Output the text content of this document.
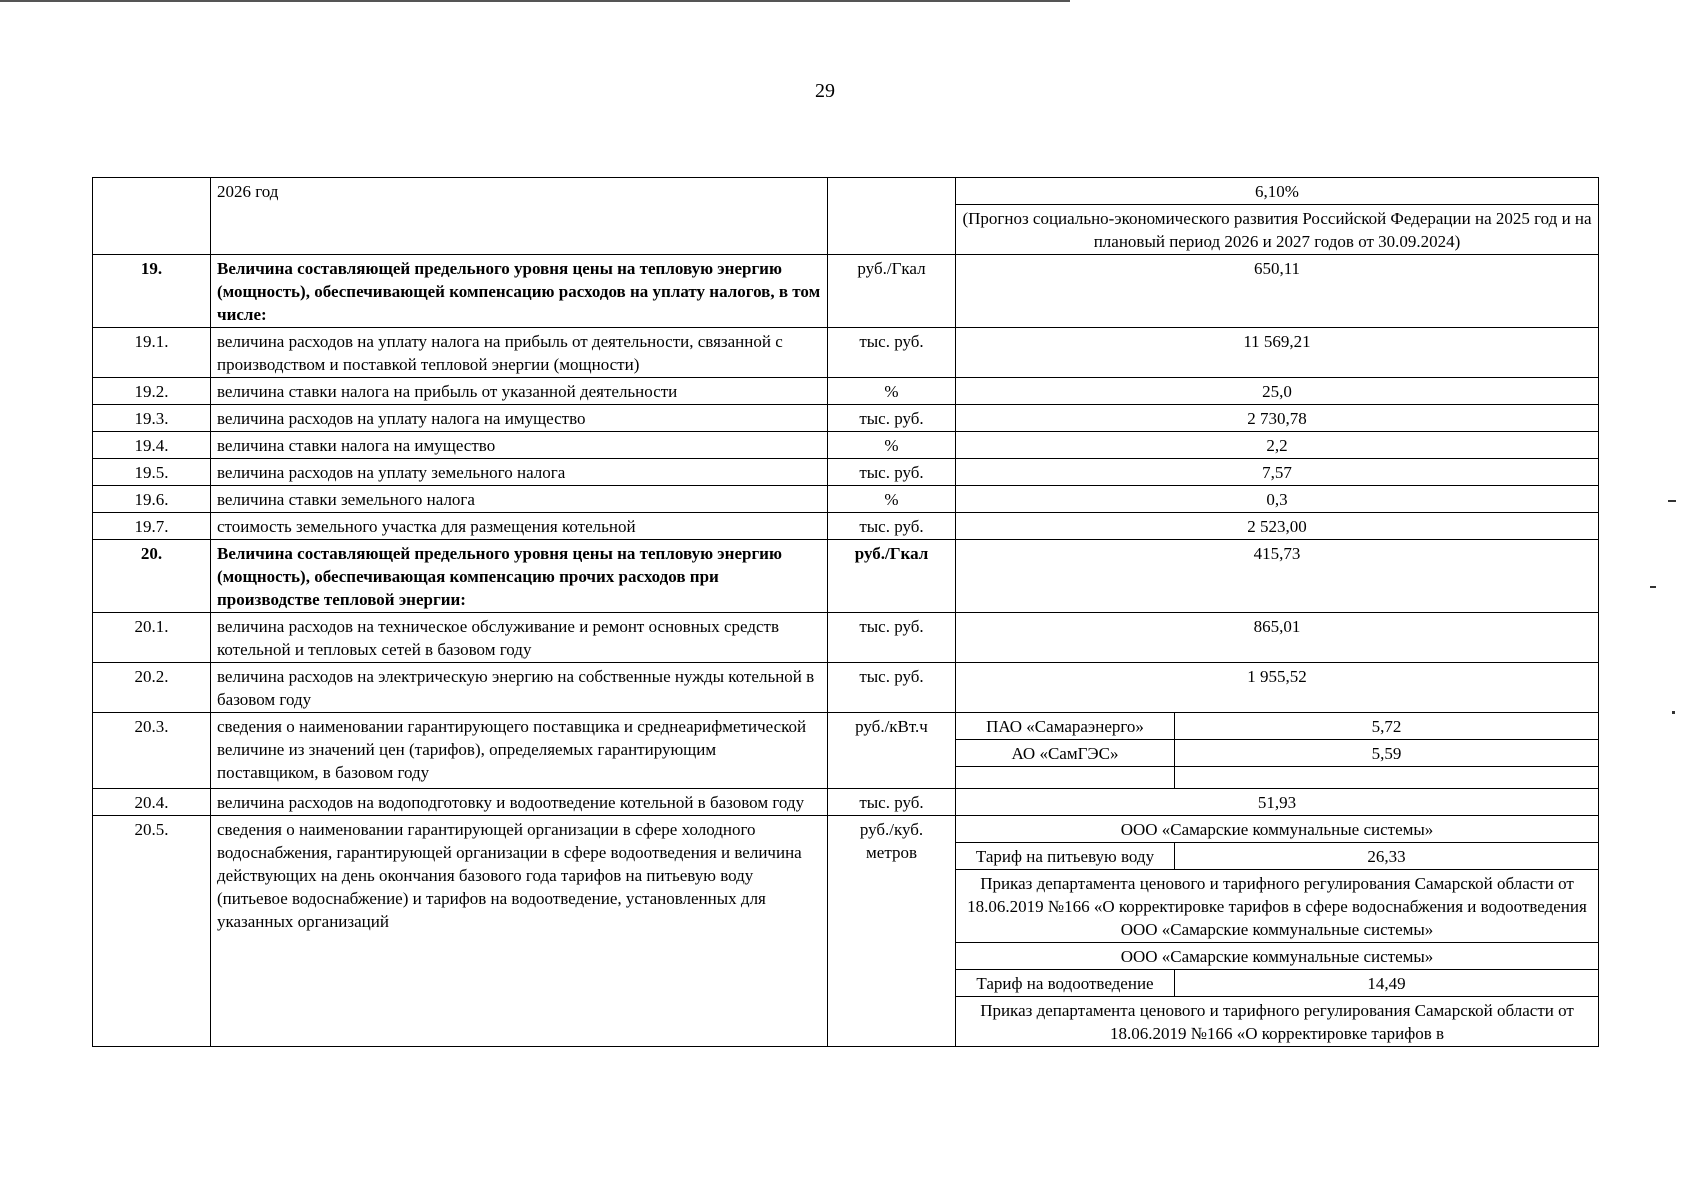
29
	2026 год		6,10%	
			(Прогноз социально-экономического развития Российской Федерации на 2025 год и на плановый период 2026 и 2027 годов от 30.09.2024)	
19.	Величина составляющей предельного уровня цены на тепловую энергию (мощность), обеспечивающей компенсацию расходов на уплату налогов, в том числе:	руб./Гкал	650,11	
19.1.	величина расходов на уплату налога на прибыль от деятельности, связанной с производством и поставкой тепловой энергии (мощности)	тыс. руб.	11 569,21	
19.2.	величина ставки налога на прибыль от указанной деятельности	%	25,0	
19.3.	величина расходов на уплату налога на имущество	тыс. руб.	2 730,78	
19.4.	величина ставки налога на имущество	%	2,2	
19.5.	величина расходов на уплату земельного налога	тыс. руб.	7,57	
19.6.	величина ставки земельного налога	%	0,3	
19.7.	стоимость земельного участка для размещения котельной	тыс. руб.	2 523,00	
20.	Величина составляющей предельного уровня цены на тепловую энергию (мощность), обеспечивающая компенсацию прочих расходов при производстве тепловой энергии:	руб./Гкал	415,73	
20.1.	величина расходов на техническое обслуживание и ремонт основных средств котельной и тепловых сетей в базовом году	тыс. руб.	865,01	
20.2.	величина расходов на электрическую энергию на собственные нужды котельной в базовом году	тыс. руб.	1 955,52	
20.3.	сведения о наименовании гарантирующего поставщика и среднеарифметической величине из значений цен (тарифов), определяемых гарантирующим поставщиком, в базовом году	руб./кВт.ч	ПАО «Самараэнерго»	5,72
			АО «СамГЭС»	5,59

20.4.	величина расходов на водоподготовку и водоотведение котельной в базовом году	тыс. руб.	51,93	
20.5.	сведения о наименовании гарантирующей организации в сфере холодного водоснабжения, гарантирующей организации в сфере водоотведения и величина действующих на день окончания базового года тарифов на питьевую воду (питьевое водоснабжение) и тарифов на водоотведение, установленных для указанных организаций	руб./куб. метров	ООО «Самарские коммунальные системы»	
			Тариф на питьевую воду	26,33
			Приказ департамента ценового и тарифного регулирования Самарской области от 18.06.2019 №166 «О корректировке тарифов в сфере водоснабжения и водоотведения ООО «Самарские коммунальные системы»	
			ООО «Самарские коммунальные системы»	
			Тариф на водоотведение	14,49
			Приказ департамента ценового и тарифного регулирования Самарской области от 18.06.2019 №166 «О корректировке тарифов в	
